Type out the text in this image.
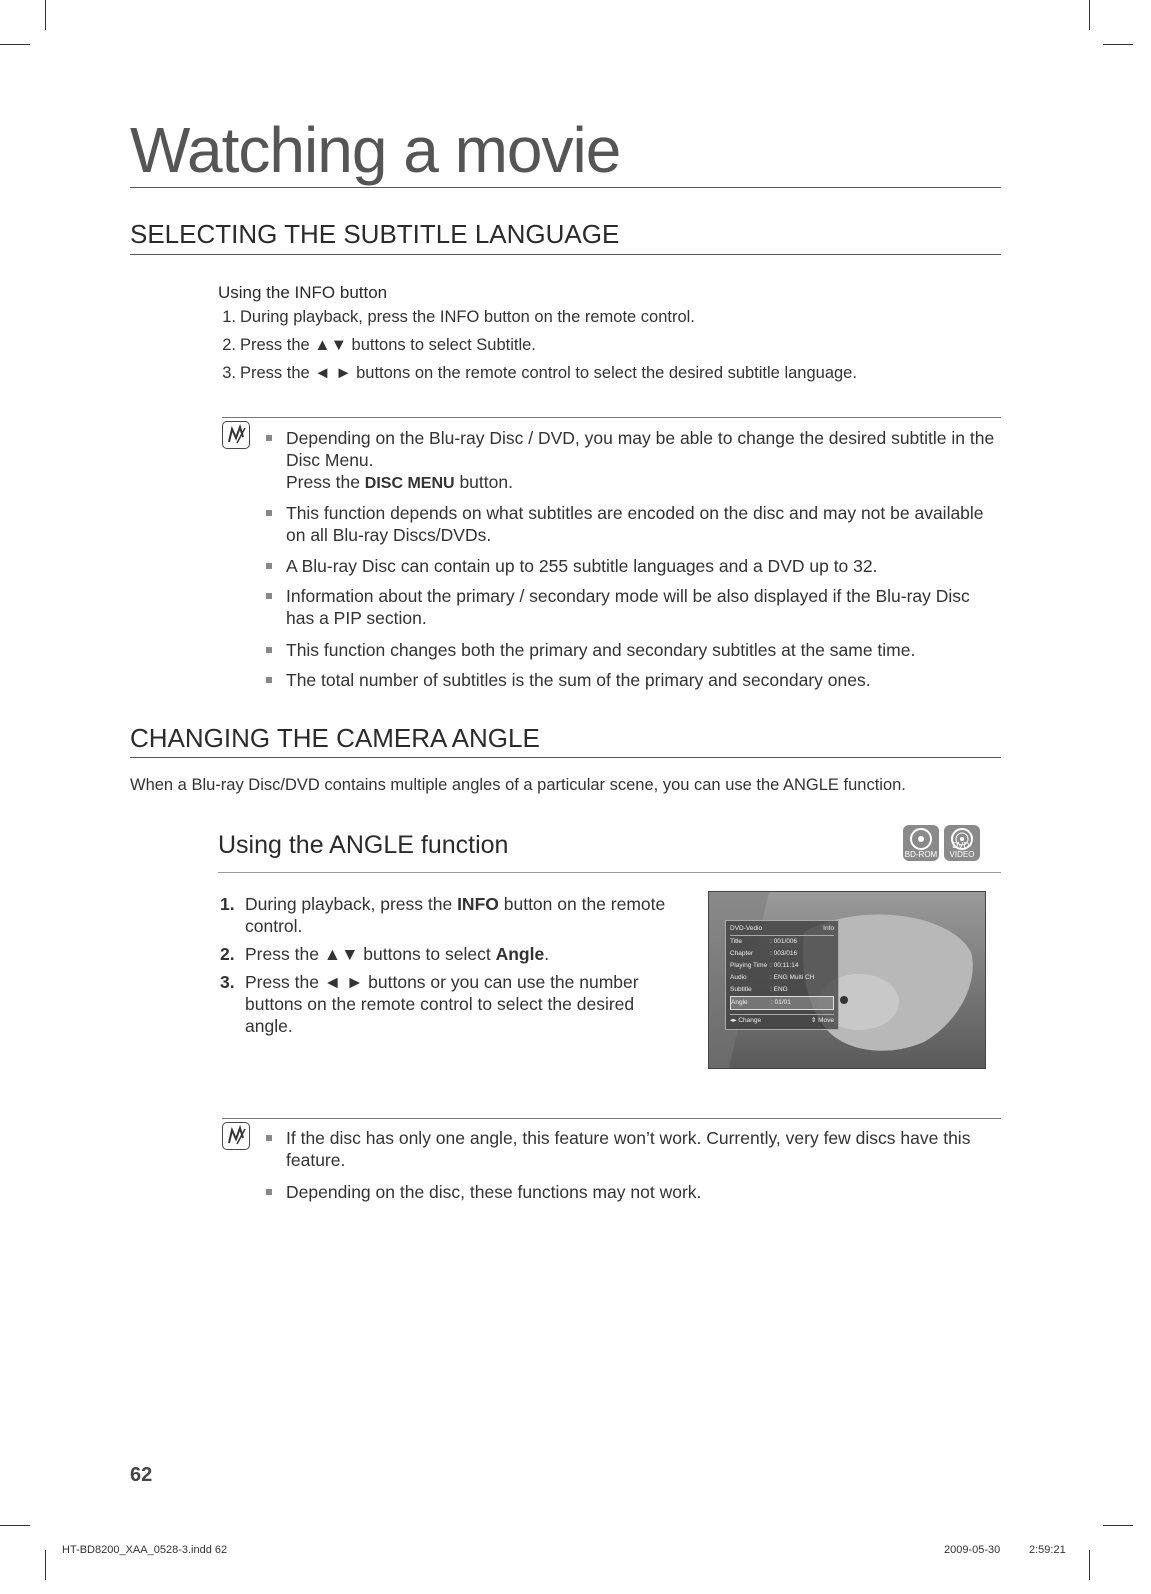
Watching a movie
SELECTING THE SUBTITLE LANGUAGE
Using the INFO button
1. During playback, press the INFO button on the remote control.
2. Press the ▲▼ buttons to select Subtitle.
3. Press the ◄ ► buttons on the remote control to select the desired subtitle language.
Depending on the Blu-ray Disc / DVD, you may be able to change the desired subtitle in the Disc Menu.
Press the DISC MENU button.
This function depends on what subtitles are encoded on the disc and may not be available on all Blu-ray Discs/DVDs.
A Blu-ray Disc can contain up to 255 subtitle languages and a DVD up to 32.
Information about the primary / secondary mode will be also displayed if the Blu-ray Disc has a PIP section.
This function changes both the primary and secondary subtitles at the same time.
The total number of subtitles is the sum of the primary and secondary ones.
CHANGING THE CAMERA ANGLE
When a Blu-ray Disc/DVD contains multiple angles of a particular scene, you can use the ANGLE function.
Using the ANGLE function	BD-ROM
DVD-VIDEO
1. During playback, press the INFO button on the remote control.
2. Press the ▲▼ buttons to select Angle.
3. Press the ◄ ► buttons or you can use the number buttons on the remote control to select the desired angle.
DVD-Vedio	Info
Title	: 001/006
Chapter	: 003/016
Playing Time : 00:11:14
Audio	: ENG Multi CH
Subtitle	: ENG
Angle	: 01/01
◂▸ Change	⇕ Move
If the disc has only one angle, this feature won’t work. Currently, very few discs have this feature.
Depending on the disc, these functions may not work.
62
HT-BD8200_XAA_0528-3.indd 62	2009-05-30	2:59:21
